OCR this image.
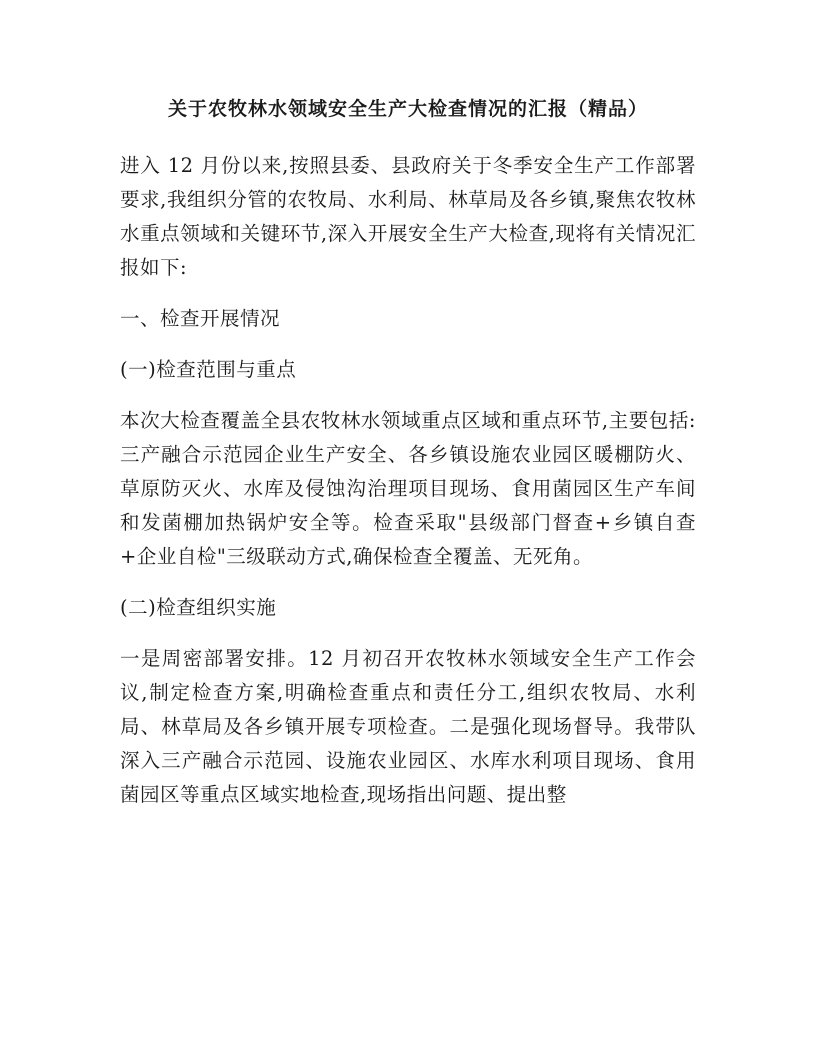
关于农牧林水领域安全生产大检查情况的汇报（精品）

进入 12 月份以来,按照县委、县政府关于冬季安全生产工作部署要求,我组织分管的农牧局、水利局、林草局及各乡镇,聚焦农牧林水重点领域和关键环节,深入开展安全生产大检查,现将有关情况汇报如下:

一、检查开展情况

(一)检查范围与重点

本次大检查覆盖全县农牧林水领域重点区域和重点环节,主要包括:三产融合示范园企业生产安全、各乡镇设施农业园区暖棚防火、草原防灭火、水库及侵蚀沟治理项目现场、食用菌园区生产车间和发菌棚加热锅炉安全等。检查采取"县级部门督查+乡镇自查+企业自检"三级联动方式,确保检查全覆盖、无死角。

(二)检查组织实施

一是周密部署安排。12 月初召开农牧林水领域安全生产工作会议,制定检查方案,明确检查重点和责任分工,组织农牧局、水利局、林草局及各乡镇开展专项检查。二是强化现场督导。我带队深入三产融合示范园、设施农业园区、水库水利项目现场、食用菌园区等重点区域实地检查,现场指出问题、提出整
